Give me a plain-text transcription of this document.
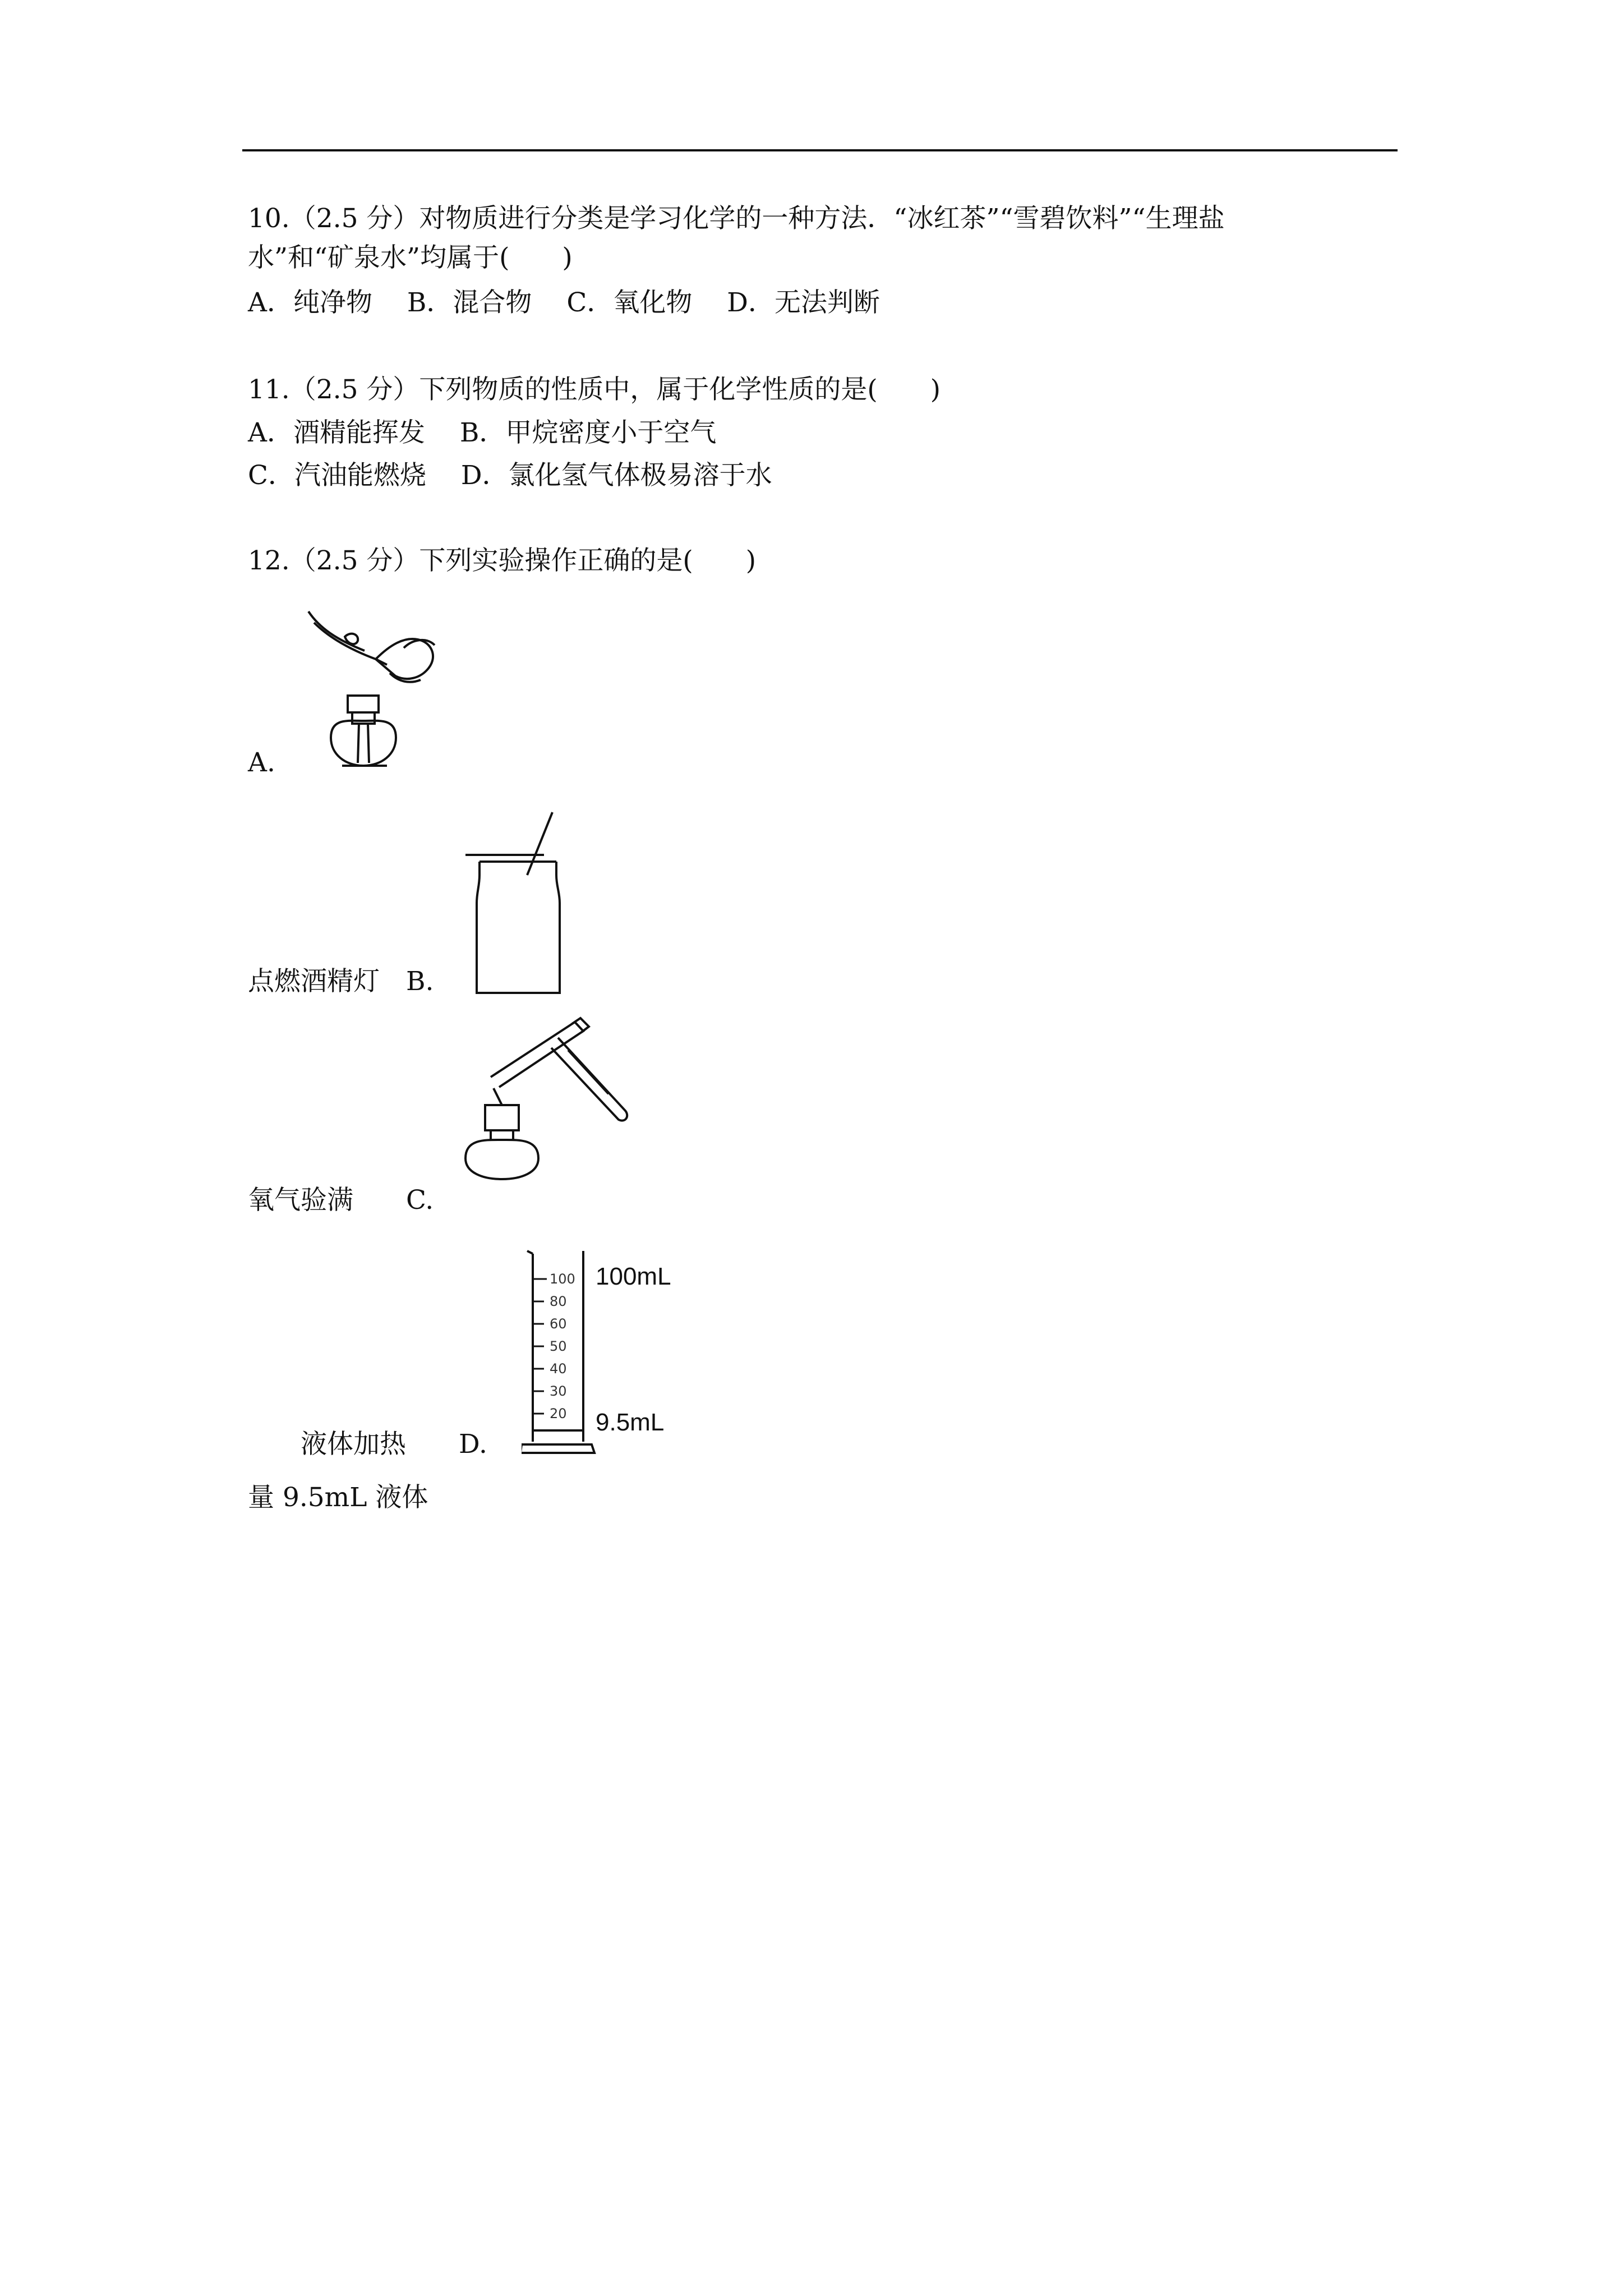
10.（2.5 分）对物质进行分类是学习化学的一种方法．“冰红茶”“雪碧饮料”“生理盐
水”和“矿泉水”均属于(　　)
A．纯净物　 B．混合物　 C．氧化物　 D．无法判断
11.（2.5 分）下列物质的性质中，属于化学性质的是(　　)
A．酒精能挥发　 B．甲烷密度小于空气
C．汽油能燃烧　 D．氯化氢气体极易溶于水
12.（2.5 分）下列实验操作正确的是(　　)
A.
点燃酒精灯　B.
氧气验满　　C.
100
80
60
50
40
30
20
100mL
9.5mL
　　液体加热　　D.
量 9.5mL 液体
